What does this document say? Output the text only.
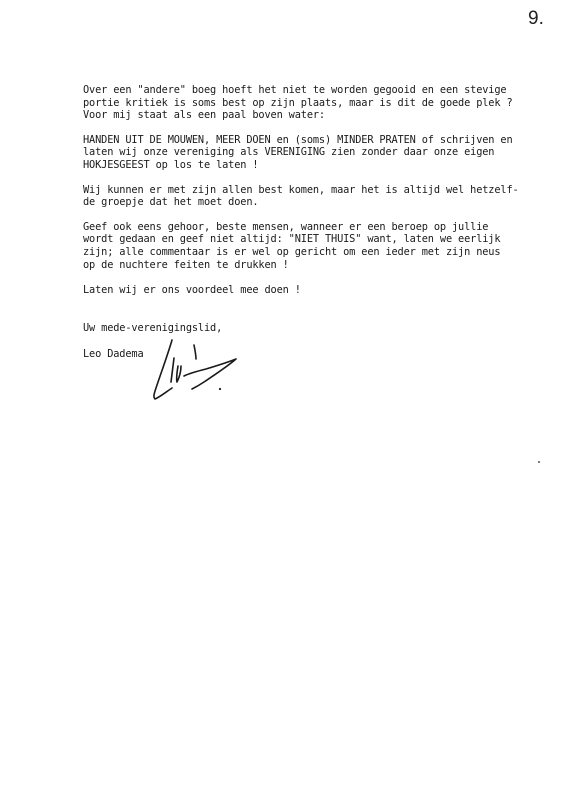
9.

Over een "andere" boeg hoeft het niet te worden gegooid en een stevige
portie kritiek is soms best op zijn plaats, maar is dit de goede plek ?
Voor mij staat als een paal boven water:

HANDEN UIT DE MOUWEN, MEER DOEN en (soms) MINDER PRATEN of schrijven en
laten wij onze vereniging als VERENIGING zien zonder daar onze eigen
HOKJESGEEST op los te laten !

Wij kunnen er met zijn allen best komen, maar het is altijd wel hetzelf-
de groepje dat het moet doen.

Geef ook eens gehoor, beste mensen, wanneer er een beroep op jullie
wordt gedaan en geef niet altijd: "NIET THUIS" want, laten we eerlijk
zijn; alle commentaar is er wel op gericht om een ieder met zijn neus
op de nuchtere feiten te drukken !

Laten wij er ons voordeel mee doen !

Uw mede-verenigingslid,
Leo Dadema
